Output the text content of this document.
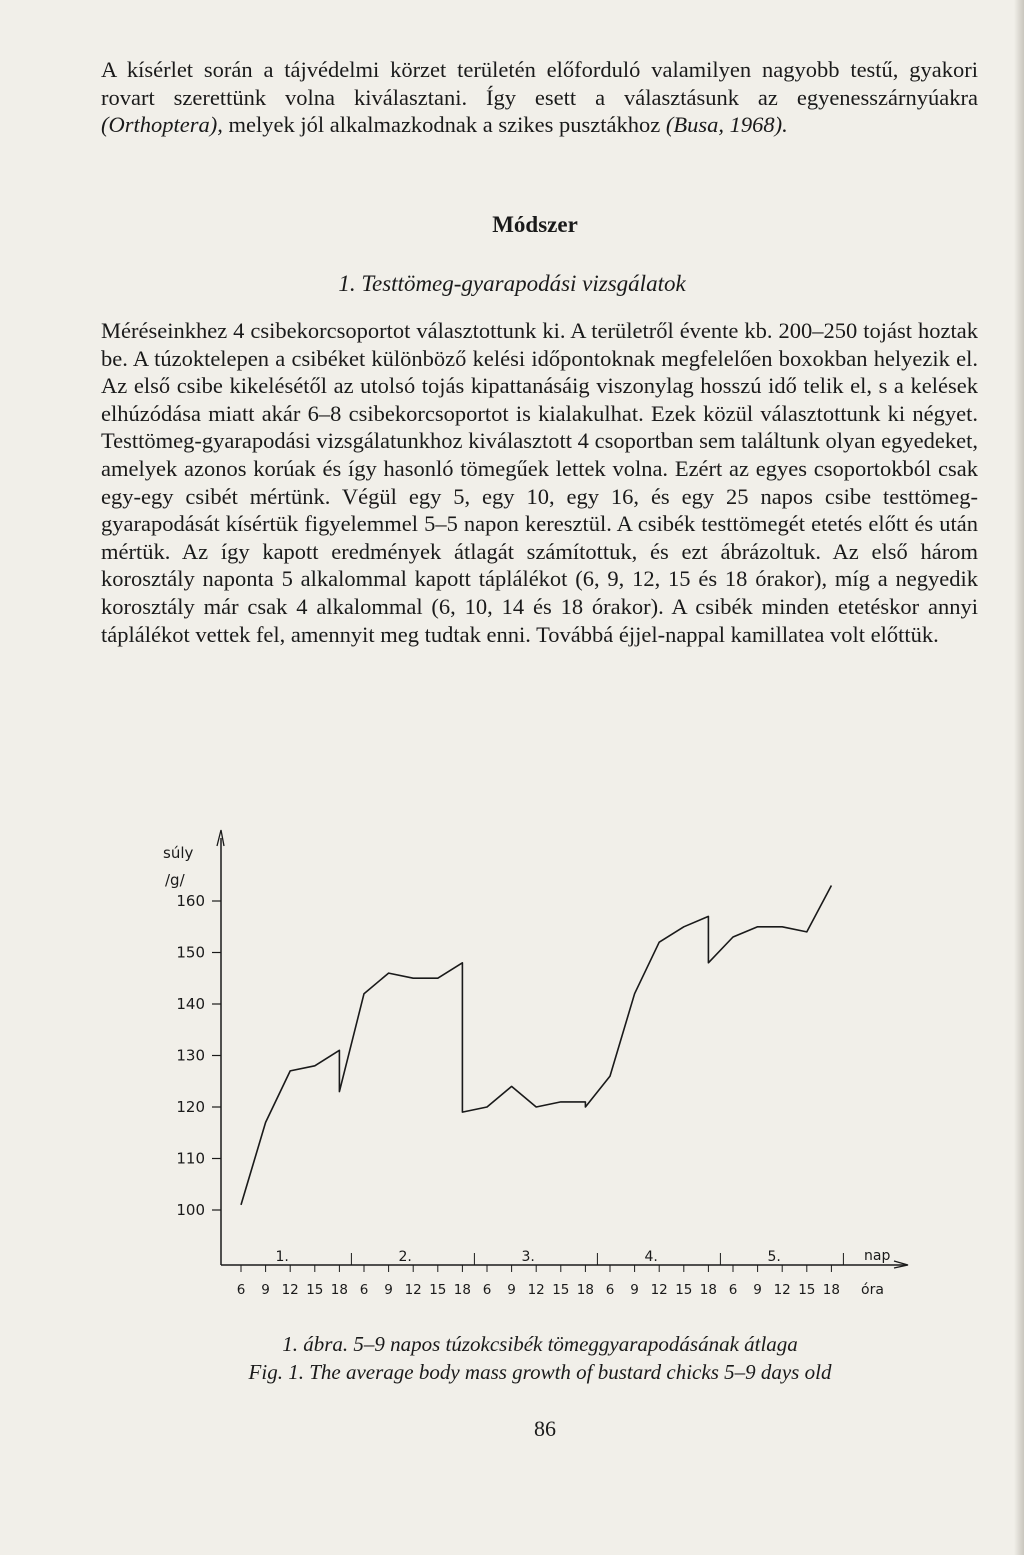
A kísérlet során a tájvédelmi körzet területén előforduló valamilyen nagyobb testű, gyakori rovart szerettünk volna kiválasztani. Így esett a választásunk az egyenesszárnyúakra (Orthoptera), melyek jól alkalmazkodnak a szikes pusztákhoz (Busa, 1968).

Módszer
1. Testtömeg-gyarapodási vizsgálatok

Méréseinkhez 4 csibekorcsoportot választottunk ki. A területről évente kb. 200–250 tojást hoztak be. A túzoktelepen a csibéket különböző kelési időpontoknak megfelelően boxokban helyezik el. Az első csibe kikelésétől az utolsó tojás kipattanásáig viszonylag hosszú idő telik el, s a kelések elhúzódása miatt akár 6–8 csibekorcsoportot is kialakulhat. Ezek közül választottunk ki négyet. Testtömeg-gyarapodási vizsgálatunkhoz kiválasztott 4 csoportban sem találtunk olyan egyedeket, amelyek azonos korúak és így hasonló tömegűek lettek volna. Ezért az egyes csoportokból csak egy-egy csibét mértünk. Végül egy 5, egy 10, egy 16, és egy 25 napos csibe testtömeg-gyarapodását kísértük figyelemmel 5–5 napon keresztül. A csibék testtömegét etetés előtt és után mértük. Az így kapott eredmények átlagát számítottuk, és ezt ábrázoltuk. Az első három korosztály naponta 5 alkalommal kapott táplálékot (6, 9, 12, 15 és 18 órakor), míg a negyedik korosztály már csak 4 alkalommal (6, 10, 14 és 18 órakor). A csibék minden etetéskor annyi táplálékot vettek fel, amennyit meg tudtak enni. Továbbá éjjel-nappal kamillatea volt előttük.

súly
/g/
100
110
120
130
140
150
160
6 9 12 15 18 6 9 12 15 18 6 9 12 15 18 6 9 12 15 18 6 9 12 15 18
1.	2.	3.	4.	5.	nap
óra
1. ábra. 5–9 napos túzokcsibék tömeggyarapodásának átlaga
Fig. 1. The average body mass growth of bustard chicks 5–9 days old
86
